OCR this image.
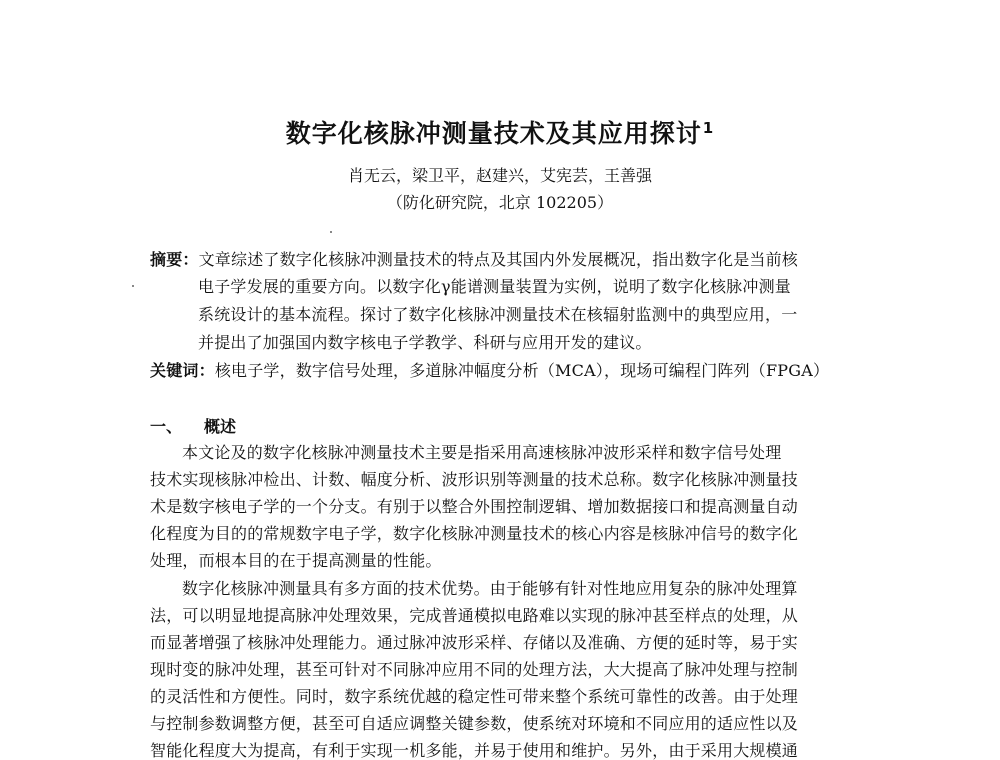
数字化核脉冲测量技术及其应用探讨$^1$
肖无云，梁卫平，赵建兴，艾宪芸，王善强
（防化研究院，北京 102205）
摘要：文章综述了数字化核脉冲测量技术的特点及其国内外发展概况，指出数字化是当前核
电子学发展的重要方向。以数字化γ能谱测量装置为实例，说明了数字化核脉冲测量
系统设计的基本流程。探讨了数字化核脉冲测量技术在核辐射监测中的典型应用，一
并提出了加强国内数字核电子学教学、科研与应用开发的建议。
关键词：核电子学，数字信号处理，多道脉冲幅度分析（MCA），现场可编程门阵列（FPGA）
一、 概述
本文论及的数字化核脉冲测量技术主要是指采用高速核脉冲波形采样和数字信号处理
技术实现核脉冲检出、计数、幅度分析、波形识别等测量的技术总称。数字化核脉冲测量技
术是数字核电子学的一个分支。有别于以整合外围控制逻辑、增加数据接口和提高测量自动
化程度为目的的常规数字电子学，数字化核脉冲测量技术的核心内容是核脉冲信号的数字化
处理，而根本目的在于提高测量的性能。
数字化核脉冲测量具有多方面的技术优势。由于能够有针对性地应用复杂的脉冲处理算
法，可以明显地提高脉冲处理效果，完成普通模拟电路难以实现的脉冲甚至样点的处理，从
而显著增强了核脉冲处理能力。通过脉冲波形采样、存储以及准确、方便的延时等，易于实
现时变的脉冲处理，甚至可针对不同脉冲应用不同的处理方法，大大提高了脉冲处理与控制
的灵活性和方便性。同时，数字系统优越的稳定性可带来整个系统可靠性的改善。由于处理
与控制参数调整方便，甚至可自适应调整关键参数，使系统对环境和不同应用的适应性以及
智能化程度大为提高，有利于实现一机多能，并易于使用和维护。另外，由于采用大规模通
